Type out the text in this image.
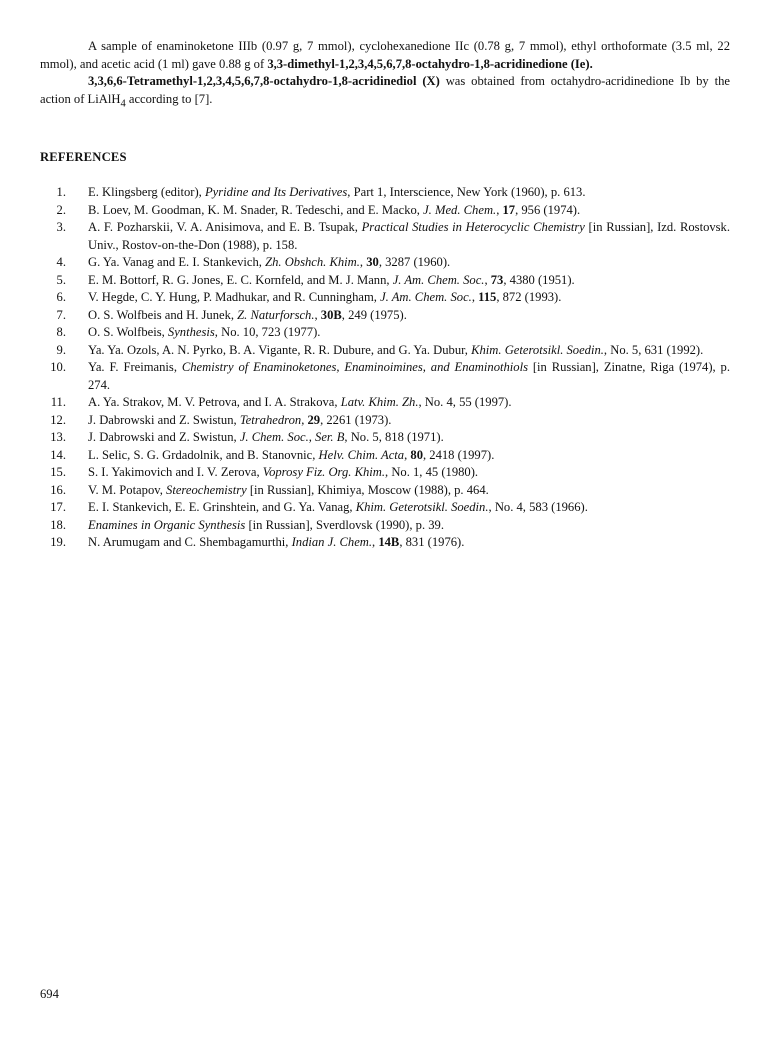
A sample of enaminoketone IIIb (0.97 g, 7 mmol), cyclohexanedione IIc (0.78 g, 7 mmol), ethyl orthoformate (3.5 ml, 22 mmol), and acetic acid (1 ml) gave 0.88 g of 3,3-dimethyl-1,2,3,4,5,6,7,8-octahydro-1,8-acridinedione (Ie).

3,3,6,6-Tetramethyl-1,2,3,4,5,6,7,8-octahydro-1,8-acridinediol (X) was obtained from octahydro-acridinedione Ib by the action of LiAlH$_4$ according to [7].

REFERENCES
1. E. Klingsberg (editor), Pyridine and Its Derivatives, Part 1, Interscience, New York (1960), p. 613.
2. B. Loev, M. Goodman, K. M. Snader, R. Tedeschi, and E. Macko, J. Med. Chem., 17, 956 (1974).
3. A. F. Pozharskii, V. A. Anisimova, and E. B. Tsupak, Practical Studies in Heterocyclic Chemistry [in Russian], Izd. Rostovsk. Univ., Rostov-on-the-Don (1988), p. 158.
4. G. Ya. Vanag and E. I. Stankevich, Zh. Obshch. Khim., 30, 3287 (1960).
5. E. M. Bottorf, R. G. Jones, E. C. Kornfeld, and M. J. Mann, J. Am. Chem. Soc., 73, 4380 (1951).
6. V. Hegde, C. Y. Hung, P. Madhukar, and R. Cunningham, J. Am. Chem. Soc., 115, 872 (1993).
7. O. S. Wolfbeis and H. Junek, Z. Naturforsch., 30B, 249 (1975).
8. O. S. Wolfbeis, Synthesis, No. 10, 723 (1977).
9. Ya. Ya. Ozols, A. N. Pyrko, B. A. Vigante, R. R. Dubure, and G. Ya. Dubur, Khim. Geterotsikl. Soedin., No. 5, 631 (1992).
10. Ya. F. Freimanis, Chemistry of Enaminoketones, Enaminoimines, and Enaminothiols [in Russian], Zinatne, Riga (1974), p. 274.
11. A. Ya. Strakov, M. V. Petrova, and I. A. Strakova, Latv. Khim. Zh., No. 4, 55 (1997).
12. J. Dabrowski and Z. Swistun, Tetrahedron, 29, 2261 (1973).
13. J. Dabrowski and Z. Swistun, J. Chem. Soc., Ser. B, No. 5, 818 (1971).
14. L. Selic, S. G. Grdadolnik, and B. Stanovnic, Helv. Chim. Acta, 80, 2418 (1997).
15. S. I. Yakimovich and I. V. Zerova, Voprosy Fiz. Org. Khim., No. 1, 45 (1980).
16. V. M. Potapov, Stereochemistry [in Russian], Khimiya, Moscow (1988), p. 464.
17. E. I. Stankevich, E. E. Grinshtein, and G. Ya. Vanag, Khim. Geterotsikl. Soedin., No. 4, 583 (1966).
18. Enamines in Organic Synthesis [in Russian], Sverdlovsk (1990), p. 39.
19. N. Arumugam and C. Shembagamurthi, Indian J. Chem., 14B, 831 (1976).
694
